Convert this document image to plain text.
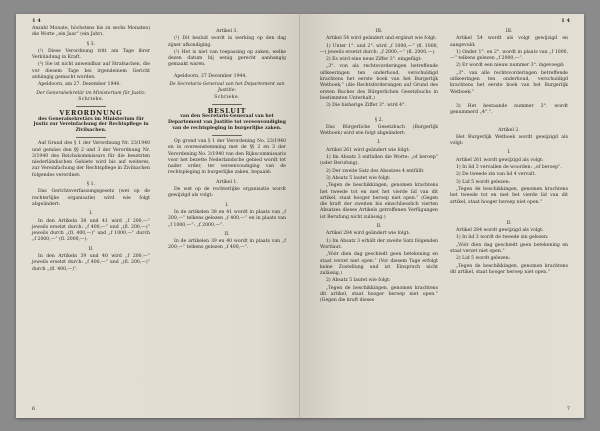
1 4

Anzahl Monate, höchstens bis zu sechs Monaten) die Worte „ein Jaar“ (ein Jahr).

§ 3.

(¹) Diese Verordnung tritt am Tage ihrer Verkündung in Kraft.

(²) Sie ist nicht anwendbar auf Strafsachen, die vor diesem Tage bei irgendeinem Gericht anhängig gemacht worden.

Apeldoorn, am 27. Dezember 1944.

Der Generalsekretär im Ministerium für Justiz:

Schrieke.

VERORDNUNG

des Generalsekretärs im Ministerium für Justiz zur Vereinfachung der Rechtspflege in Zivilsachen.

Auf Grund des § 1 der Verordnung Nr. 23/1940 und gemäss den §§ 2 und 3 der Verordnung Nr. 3/1940 des Reichskommissars für die besetzten niederländischen Gebiete wird bis auf weiteres, zur Vereinfachung der Rechtspflege in Zivilsachen folgendes verordnet:

§ 1.

Das Gerichtsverfassungsgesetz (wet op de rechterlijke organisatie) wird wie folgt abgeändert:

I.

In den Artikeln 38 und 41 wird „f 200,—“ jeweils ersetzt durch: „f 400,—“ und „(fl. 200,—)“ jeweils durch „(fl. 400,—)“ und „f 1000,—“ durch „f 2000,—“ (fl. 2000,—).

II.

In den Artikeln 39 und 40 wird „f 200,—“ jeweils ersetzt durch: „f 400,—“ und „(fl. 200,—)“ durch „(fl. 400,—)“.

Artikel 3.

(¹) Dit besluit wordt in werking op den dag zijner afkondiging.

(²) Het is niet van toepassing op zaken, welke dezen datum bij eenig gerecht aanhangig gemaakt waren.

Apeldoorn, 27 December 1944.

De Secretaris-Generaal van het Departement van Justitie:

Schrieke.

BESLUIT

van den Secretaris-Generaal van het Departement van Justitie tot vereenvoudiging van de rechtspleging in burgerlijke zaken.

Op grond van § 1 der Verordening No. 23/1940 en in overeenstemming met de §§ 2 en 3 der Verordening No. 3/1940 van den Rijkscommissaris voor het bezette Nederlandsche gebied wordt tot nader order, ter vereenvoudiging van de rechtspleging in burgerlijke zaken, bepaald:

Artikel 1.

De wet op de rechterlijke organisatie wordt gewijzigd als volgt:

I.

In de artikelen 38 en 41 wordt in plaats van „f 200,—“ telkens gelezen „f 400,—“ en in plaats van „f 1000,—“: „f 2000,—“.

II.

In de artikelen 39 en 40 wordt in plaats van „f 200,—“ telkens gelezen „f 400,—“.

6
1 4

III.

Artikel 54 wird geändert und ergänzt wie folgt:

1) Unter 1°. und 2°. wird „f 1000,—“ (fl. 1000,—) jeweils ersetzt durch: „f 2000,—“ (fl. 2000,—).

2) Es wird eine neue Ziffer 3°. eingefügt:

„3°. von als rechtsvorderingen betreffende uitkeeringen ten onderhoud, verschuldigd krachtens het eerste boek van het Burgerlijk Wetboek;“ (die Rechtsforderungen auf Grund des ersten Buches des Bürgerlichen Gesetzbuchs in bestimmten Unterhalt.)

3) Die bisherige Ziffer 3°. wird 4°.

§ 2.

Das Bürgerliche Gesetzbuch (Burgerlijk Wetboek) wird wie folgt abgeändert:

I.

Artikel 261 wird geändert wie folgt:

1) Im Absatz 3 entfallen die Worte: „of beroep“ (oder Berufung).

2) Der zweite Satz des Absatzes 4 entfällt.

3) Absatz 5 lautet wie folgt:

„Tegen de beschikkingen, genomen krachtens het tweede tot en met het vierde lid van dit artikel, staat hooger beroep niet open.“ (Gegen die kraft der zweiten bis einschliesslich vierten Absatzes dieses Artikels getroffenen Verfügungen ist Berufung nicht zulässig.)

II.

Artikel 284 wird geändert wie folgt:

1) Im Absatz 3 erhält der zweite Satz folgenden Wortlaut:

„Vóór dien dag geschiedt geen betekening en staat verzet niet open.“ (Vor diesem Tage erfolgt keine Zustellung und ist Einspruch nicht zulässig.)

2) Absatz 5 lautet wie folgt:

„Tegen de beschikkingen, genomen krachtens dit artikel, staat hooger beroep niet open.“ (Gegen die kraft dieses

III.

Artikel 54 wordt als volgt gewijzigd en aangevuld:

1) Onder 1°. en 2°. wordt in plaats van „f 1000,—“ telkens gelezen „f 2000,—“.

2) Er wordt een nieuw nummer 3°. ingevoegd:

„3°. van alle rechtsvorderingen betreffende uitkeeringen ten onderhoud, verschuldigd krachtens het eerste boek van het Burgerlijk Wetboek;“

3) Het bestaande nummer 3°. wordt genummerd „4°.“.

Artikel 2.

Het Burgerlijk Wetboek wordt gewijzigd als volgt:

I.

Artikel 261 wordt gewijzigd als volgt:

1) In lid 3 vervallen de woorden: „of beroep“.

2) De tweede zin van lid 4 vervalt.

3) Lid 5 wordt gelezen:

„Tegen de beschikkingen, genomen krachtens het tweede tot en met het vierde lid van dit artikel, staat hooger beroep niet open.“

II.

Artikel 284 wordt gewijzigd als volgt:

1) In lid 3 wordt de tweede zin gelezen:

„Vóór dien dag geschiedt geen betekening en staat verzet niet open.“

2) Lid 5 wordt gelezen:

„Tegen de beschikkingen, genomen krachtens dit artikel, staat hooger beroep niet open.“

7
